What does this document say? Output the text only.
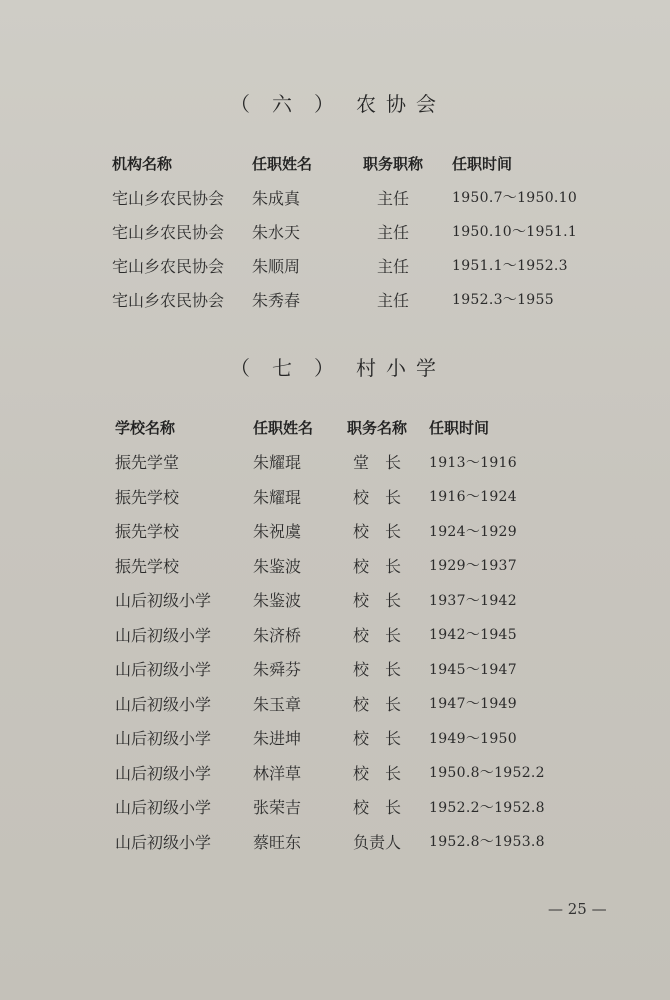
（ 六 ） 农协会
机构名称	任职姓名	职务职称	任职时间
宅山乡农民协会	朱成真	主任	1950.7～1950.10
宅山乡农民协会	朱水天	主任	1950.10～1951.1
宅山乡农民协会	朱顺周	主任	1951.1～1952.3
宅山乡农民协会	朱秀春	主任	1952.3～1955
（ 七 ） 村小学
学校名称	任职姓名	职务名称	任职时间
振先学堂	朱耀琨	堂　长	1913～1916
振先学校	朱耀琨	校　长	1916～1924
振先学校	朱祝虞	校　长	1924～1929
振先学校	朱鉴波	校　长	1929～1937
山后初级小学	朱鉴波	校　长	1937～1942
山后初级小学	朱济桥	校　长	1942～1945
山后初级小学	朱舜芬	校　长	1945～1947
山后初级小学	朱玉章	校　长	1947～1949
山后初级小学	朱进坤	校　长	1949～1950
山后初级小学	林洋草	校　长	1950.8～1952.2
山后初级小学	张荣吉	校　长	1952.2～1952.8
山后初级小学	蔡旺东	负责人	1952.8～1953.8
— 25 —
